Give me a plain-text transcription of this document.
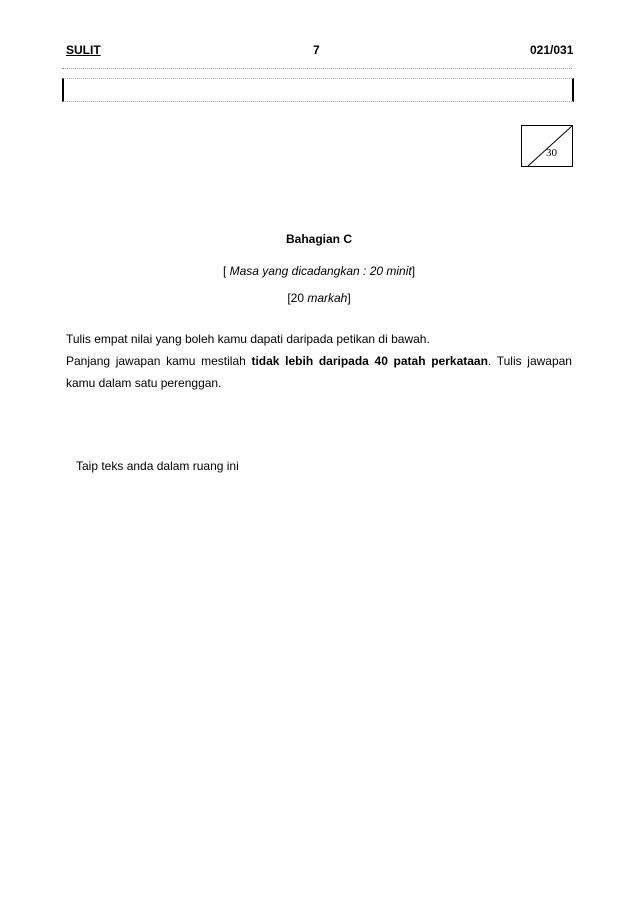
SULIT	7	021/031
30
Bahagian C
[ Masa yang dicadangkan : 20 minit]
[20 markah]
Tulis empat nilai yang boleh kamu dapati daripada petikan di bawah.
Panjang jawapan kamu mestilah tidak lebih daripada 40 patah perkataan. Tulis jawapan kamu dalam satu perenggan.
Taip teks anda dalam ruang ini
